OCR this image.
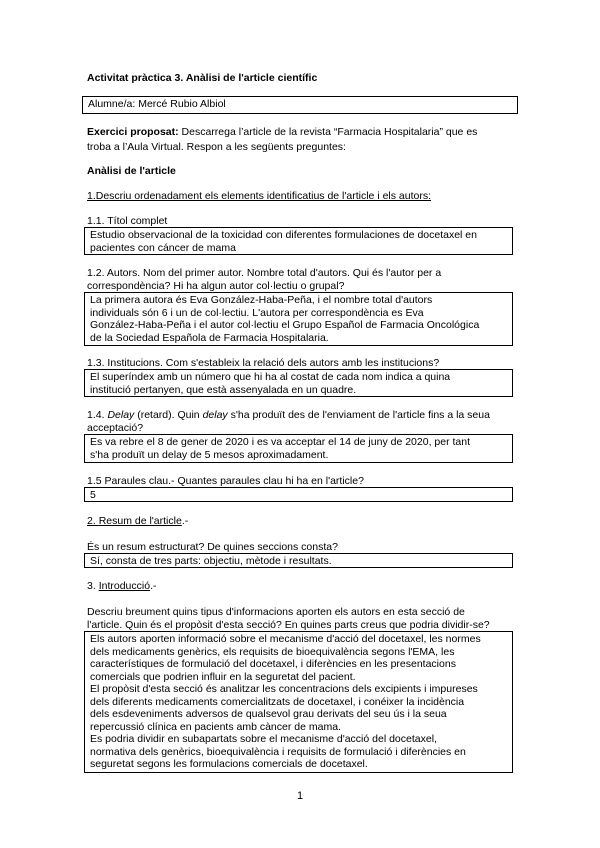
Activitat pràctica 3. Anàlisi de l'article científic
Alumne/a: Mercé Rubio Albiol
Exercici proposat: Descarrega l’article de la revista “Farmacia Hospitalaria” que es
troba a l’Aula Virtual. Respon a les següents preguntes:
Anàlisi de l'article
1.Descriu ordenadament els elements identificatius de l'article i els autors:
1.1. Títol complet
Estudio observacional de la toxicidad con diferentes formulaciones de docetaxel en
pacientes con cáncer de mama
1.2. Autors. Nom del primer autor. Nombre total d'autors. Qui és l'autor per a
correspondència? Hi ha algun autor col·lectiu o grupal?
La primera autora és Eva González-Haba-Peña, i el nombre total d'autors
individuals són 6 i un de col·lectiu. L'autora per correspondència es Eva
González-Haba-Peña i el autor col·lectiu el Grupo Español de Farmacia Oncológica
de la Sociedad Española de Farmacia Hospitalaria.
1.3. Institucions. Com s'estableix la relació dels autors amb les institucions?
El superíndex amb un número que hi ha al costat de cada nom indica a quina
institució pertanyen, que està assenyalada en un quadre.
1.4. Delay (retard). Quin delay s'ha produït des de l'enviament de l'article fins a la seua
acceptació?
Es va rebre el 8 de gener de 2020 i es va acceptar el 14 de juny de 2020, per tant
s'ha produït un delay de 5 mesos aproximadament.
1.5 Paraules clau.- Quantes paraules clau hi ha en l'article?
5
2. Resum de l'article.-
És un resum estructurat? De quines seccions consta?
Sí, consta de tres parts: objectiu, mètode i resultats.
3. Introducció.-
Descriu breument quins tipus d'informacions aporten els autors en esta secció de
l'article. Quin és el propòsit d'esta secció? En quines parts creus que podria dividir-se?
Els autors aporten informació sobre el mecanisme d'acció del docetaxel, les normes
dels medicaments genèrics, els requisits de bioequivalència segons l'EMA, les
característiques de formulació del docetaxel, i diferències en les presentacions
comercials que podrien influir en la seguretat del pacient.
El propòsit d'esta secció és analitzar les concentracions dels excipients i impureses
dels diferents medicaments comercialitzats de docetaxel, i conéixer la incidència
dels esdeveniments adversos de qualsevol grau derivats del seu ús i la seua
repercussió clínica en pacients amb càncer de mama.
Es podria dividir en subapartats sobre el mecanisme d'acció del docetaxel,
normativa dels genèrics, bioequivalència i requisits de formulació i diferències en
seguretat segons les formulacions comercials de docetaxel.
1
